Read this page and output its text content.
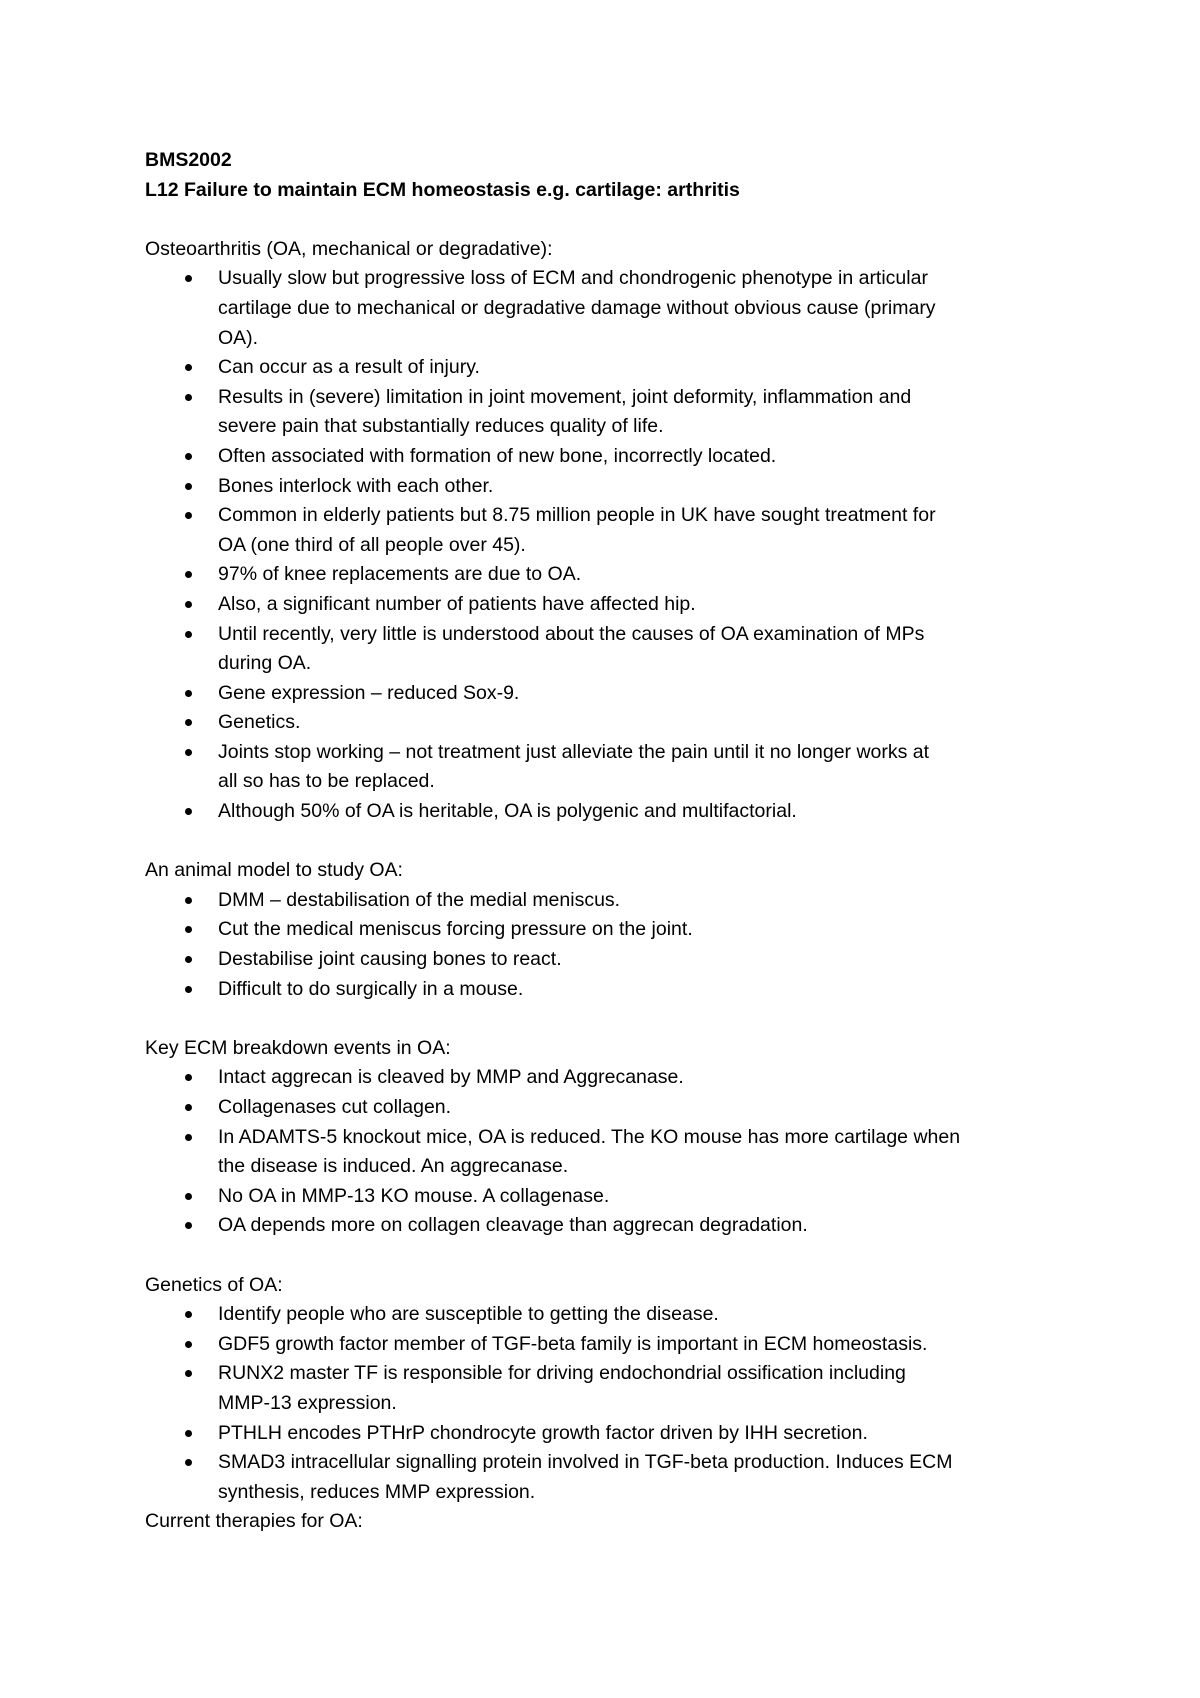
BMS2002
L12 Failure to maintain ECM homeostasis e.g. cartilage: arthritis
Osteoarthritis (OA, mechanical or degradative):
Usually slow but progressive loss of ECM and chondrogenic phenotype in articular
cartilage due to mechanical or degradative damage without obvious cause (primary
OA).
Can occur as a result of injury.
Results in (severe) limitation in joint movement, joint deformity, inflammation and
severe pain that substantially reduces quality of life.
Often associated with formation of new bone, incorrectly located.
Bones interlock with each other.
Common in elderly patients but 8.75 million people in UK have sought treatment for
OA (one third of all people over 45).
97% of knee replacements are due to OA.
Also, a significant number of patients have affected hip.
Until recently, very little is understood about the causes of OA examination of MPs
during OA.
Gene expression – reduced Sox-9.
Genetics.
Joints stop working – not treatment just alleviate the pain until it no longer works at
all so has to be replaced.
Although 50% of OA is heritable, OA is polygenic and multifactorial.
An animal model to study OA:
DMM – destabilisation of the medial meniscus.
Cut the medical meniscus forcing pressure on the joint.
Destabilise joint causing bones to react.
Difficult to do surgically in a mouse.
Key ECM breakdown events in OA:
Intact aggrecan is cleaved by MMP and Aggrecanase.
Collagenases cut collagen.
In ADAMTS-5 knockout mice, OA is reduced. The KO mouse has more cartilage when
the disease is induced. An aggrecanase.
No OA in MMP-13 KO mouse. A collagenase.
OA depends more on collagen cleavage than aggrecan degradation.
Genetics of OA:
Identify people who are susceptible to getting the disease.
GDF5 growth factor member of TGF-beta family is important in ECM homeostasis.
RUNX2 master TF is responsible for driving endochondrial ossification including
MMP-13 expression.
PTHLH encodes PTHrP chondrocyte growth factor driven by IHH secretion.
SMAD3 intracellular signalling protein involved in TGF-beta production. Induces ECM
synthesis, reduces MMP expression.
Current therapies for OA:
